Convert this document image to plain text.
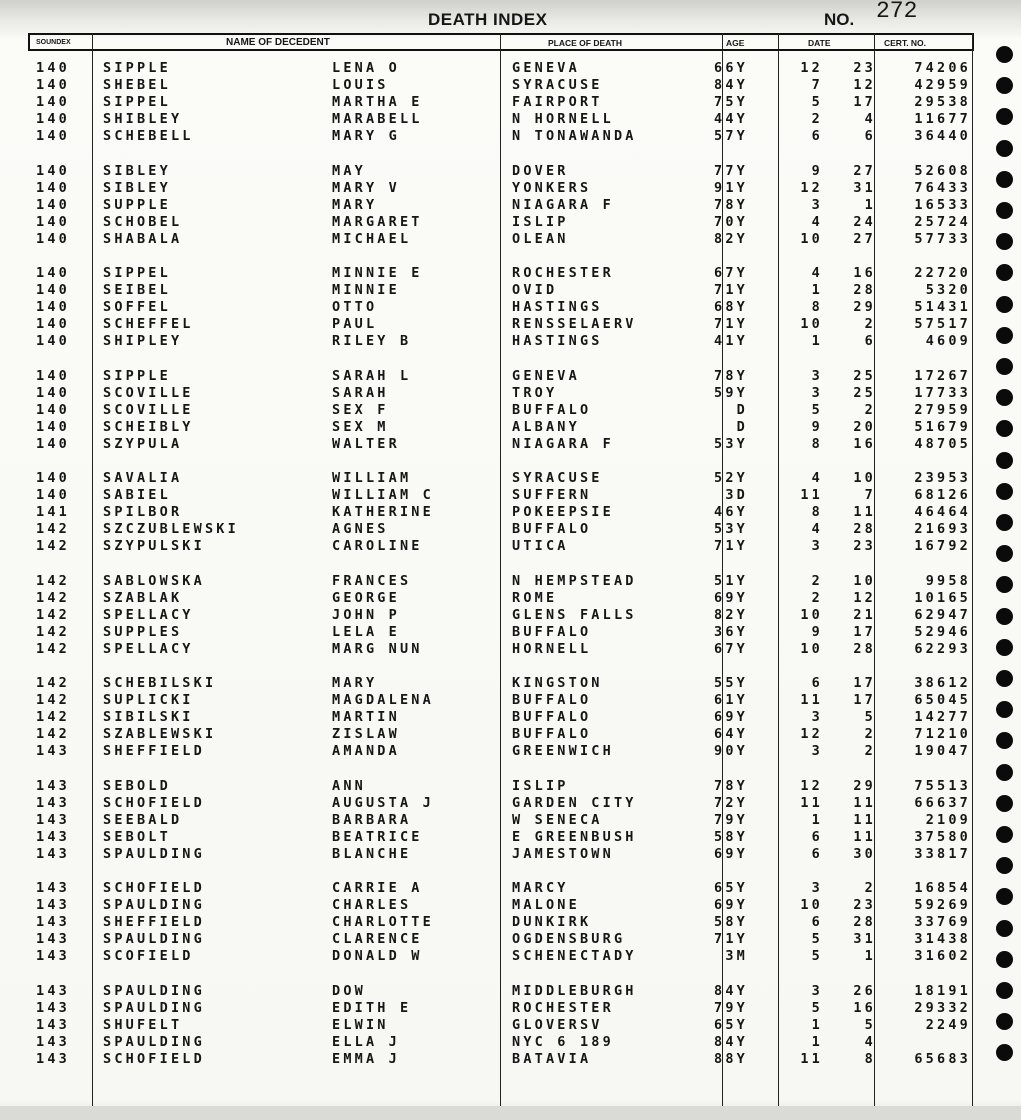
DEATH INDEX	NO. 272
SOUNDEX	NAME OF DECEDENT	PLACE OF DEATH	AGE	DATE	CERT. NO.
140 SIPPLE	LENA O	GENEVA	66Y	12 23	74206
140 SHEBEL	LOUIS	SYRACUSE	84Y	7 12	42959
140 SIPPEL	MARTHA E	FAIRPORT	75Y	5 17	29538
140 SHIBLEY	MARABELL	N HORNELL	44Y	2	4	11677
140 SCHEBELL	MARY G	N TONAWANDA	57Y	6	6	36440
140 SIBLEY	MAY	DOVER	77Y	9 27	52608
140 SIBLEY	MARY V	YONKERS	91Y	12 31	76433
140 SUPPLE	MARY	NIAGARA F	78Y	3	1	16533
140 SCHOBEL	MARGARET	ISLIP	70Y	4 24	25724
140 SHABALA	MICHAEL	OLEAN	82Y	10 27	57733
140 SIPPEL	MINNIE E	ROCHESTER	67Y	4 16	22720
140 SEIBEL	MINNIE	OVID	71Y	1 28	5320
140 SOFFEL	OTTO	HASTINGS	68Y	8 29	51431
140 SCHEFFEL	PAUL	RENSSELAERV	71Y	10	2	57517
140 SHIPLEY	RILEY B	HASTINGS	41Y	1	6	4609
140 SIPPLE	SARAH L	GENEVA	78Y	3 25	17267
140 SCOVILLE	SARAH	TROY	59Y	3 25	17733
140 SCOVILLE	SEX F	BUFFALO	D	5	2	27959
140 SCHEIBLY	SEX M	ALBANY	D	9 20	51679
140 SZYPULA	WALTER	NIAGARA F	53Y	8 16	48705
140 SAVALIA	WILLIAM	SYRACUSE	52Y	4 10	23953
140 SABIEL	WILLIAM C	SUFFERN	3D	11	7	68126
141 SPILBOR	KATHERINE	POKEEPSIE	46Y	8 11	46464
142 SZCZUBLEWSKI	AGNES	BUFFALO	53Y	4 28	21693
142 SZYPULSKI	CAROLINE	UTICA	71Y	3 23	16792
142 SABLOWSKA	FRANCES	N HEMPSTEAD	51Y	2 10	9958
142 SZABLAK	GEORGE	ROME	69Y	2 12	10165
142 SPELLACY	JOHN P	GLENS FALLS	82Y	10 21	62947
142 SUPPLES	LELA E	BUFFALO	36Y	9 17	52946
142 SPELLACY	MARG NUN	HORNELL	67Y	10 28	62293
142 SCHEBILSKI	MARY	KINGSTON	55Y	6 17	38612
142 SUPLICKI	MAGDALENA	BUFFALO	61Y	11 17	65045
142 SIBILSKI	MARTIN	BUFFALO	69Y	3	5	14277
142 SZABLEWSKI	ZISLAW	BUFFALO	64Y	12	2	71210
143 SHEFFIELD	AMANDA	GREENWICH	90Y	3	2	19047
143 SEBOLD	ANN	ISLIP	78Y	12 29	75513
143 SCHOFIELD	AUGUSTA J	GARDEN CITY	72Y	11 11	66637
143 SEEBALD	BARBARA	W SENECA	79Y	1 11	2109
143 SEBOLT	BEATRICE	E GREENBUSH	58Y	6 11	37580
143 SPAULDING	BLANCHE	JAMESTOWN	69Y	6 30	33817
143 SCHOFIELD	CARRIE A	MARCY	65Y	3	2	16854
143 SPAULDING	CHARLES	MALONE	69Y	10 23	59269
143 SHEFFIELD	CHARLOTTE	DUNKIRK	58Y	6 28	33769
143 SPAULDING	CLARENCE	OGDENSBURG	71Y	5 31	31438
143 SCOFIELD	DONALD W	SCHENECTADY	3M	5	1	31602
143 SPAULDING	DOW	MIDDLEBURGH	84Y	3 26	18191
143 SPAULDING	EDITH E	ROCHESTER	79Y	5 16	29332
143 SHUFELT	ELWIN	GLOVERSV	65Y	1	5	2249
143 SPAULDING	ELLA J	NYC 6 189	84Y	1	4
143 SCHOFIELD	EMMA J	BATAVIA	88Y	11	8	65683
